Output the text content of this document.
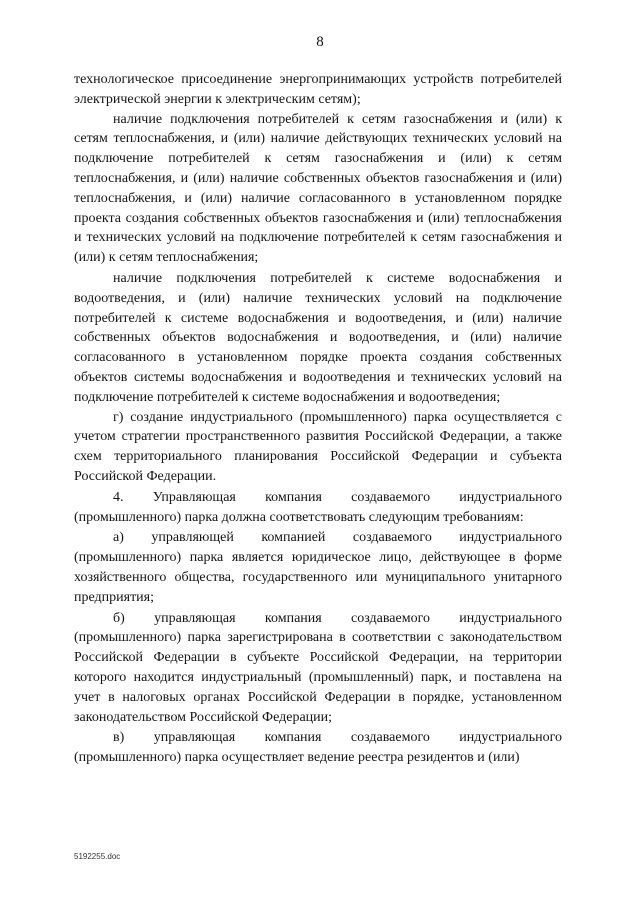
8

технологическое присоединение энергопринимающих устройств потребителей электрической энергии к электрическим сетям);

наличие подключения потребителей к сетям газоснабжения и (или) к сетям теплоснабжения, и (или) наличие действующих технических условий на подключение потребителей к сетям газоснабжения и (или) к сетям теплоснабжения, и (или) наличие собственных объектов газоснабжения и (или) теплоснабжения, и (или) наличие согласованного в установленном порядке проекта создания собственных объектов газоснабжения и (или) теплоснабжения и технических условий на подключение потребителей к сетям газоснабжения и (или) к сетям теплоснабжения;

наличие подключения потребителей к системе водоснабжения и водоотведения, и (или) наличие технических условий на подключение потребителей к системе водоснабжения и водоотведения, и (или) наличие собственных объектов водоснабжения и водоотведения, и (или) наличие согласованного в установленном порядке проекта создания собственных объектов системы водоснабжения и водоотведения и технических условий на подключение потребителей к системе водоснабжения и водоотведения;

г) создание индустриального (промышленного) парка осуществляется с учетом стратегии пространственного развития Российской Федерации, а также схем территориального планирования Российской Федерации и субъекта Российской Федерации.

4. Управляющая компания создаваемого индустриального (промышленного) парка должна соответствовать следующим требованиям:

а) управляющей компанией создаваемого индустриального (промышленного) парка является юридическое лицо, действующее в форме хозяйственного общества, государственного или муниципального унитарного предприятия;

б) управляющая компания создаваемого индустриального (промышленного) парка зарегистрирована в соответствии с законодательством Российской Федерации в субъекте Российской Федерации, на территории которого находится индустриальный (промышленный) парк, и поставлена на учет в налоговых органах Российской Федерации в порядке, установленном законодательством Российской Федерации;

в) управляющая компания создаваемого индустриального (промышленного) парка осуществляет ведение реестра резидентов и (или)

5192255.doc
